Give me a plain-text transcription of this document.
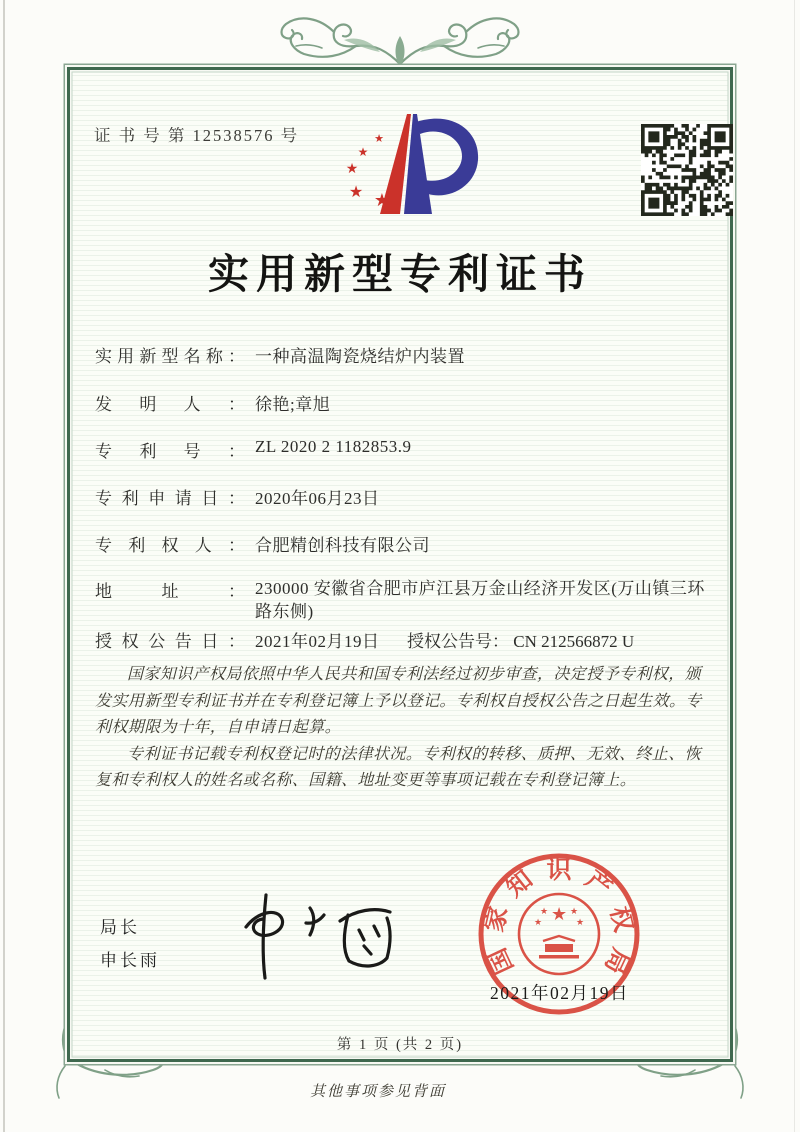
证 书 号 第 12538576 号	★
★
★
★ ★
实用新型专利证书
实用新型名称： 一种高温陶瓷烧结炉内装置
发明人： 徐艳;章旭
专利号： ZL 2020 2 1182853.9
专利申请日： 2020年06月23日
专利权人： 合肥精创科技有限公司
地址： 230000 安徽省合肥市庐江县万金山经济开发区(万山镇三环路东侧)
授权公告日： 2021年02月19日 授权公告号： CN 212566872 U

国家知识产权局依照中华人民共和国专利法经过初步审查，决定授予专利权，颁发实用新型专利证书并在专利登记簿上予以登记。专利权自授权公告之日起生效。专利权期限为十年，自申请日起算。

专利证书记载专利权登记时的法律状况。专利权的转移、质押、无效、终止、恢复和专利权人的姓名或名称、国籍、地址变更等事项记载在专利登记簿上。

局长
申长雨
2021年02月19日
国
家
知 识 产
权
局
★
★ ★
★	★
第 1 页 (共 2 页)
其他事项参见背面
